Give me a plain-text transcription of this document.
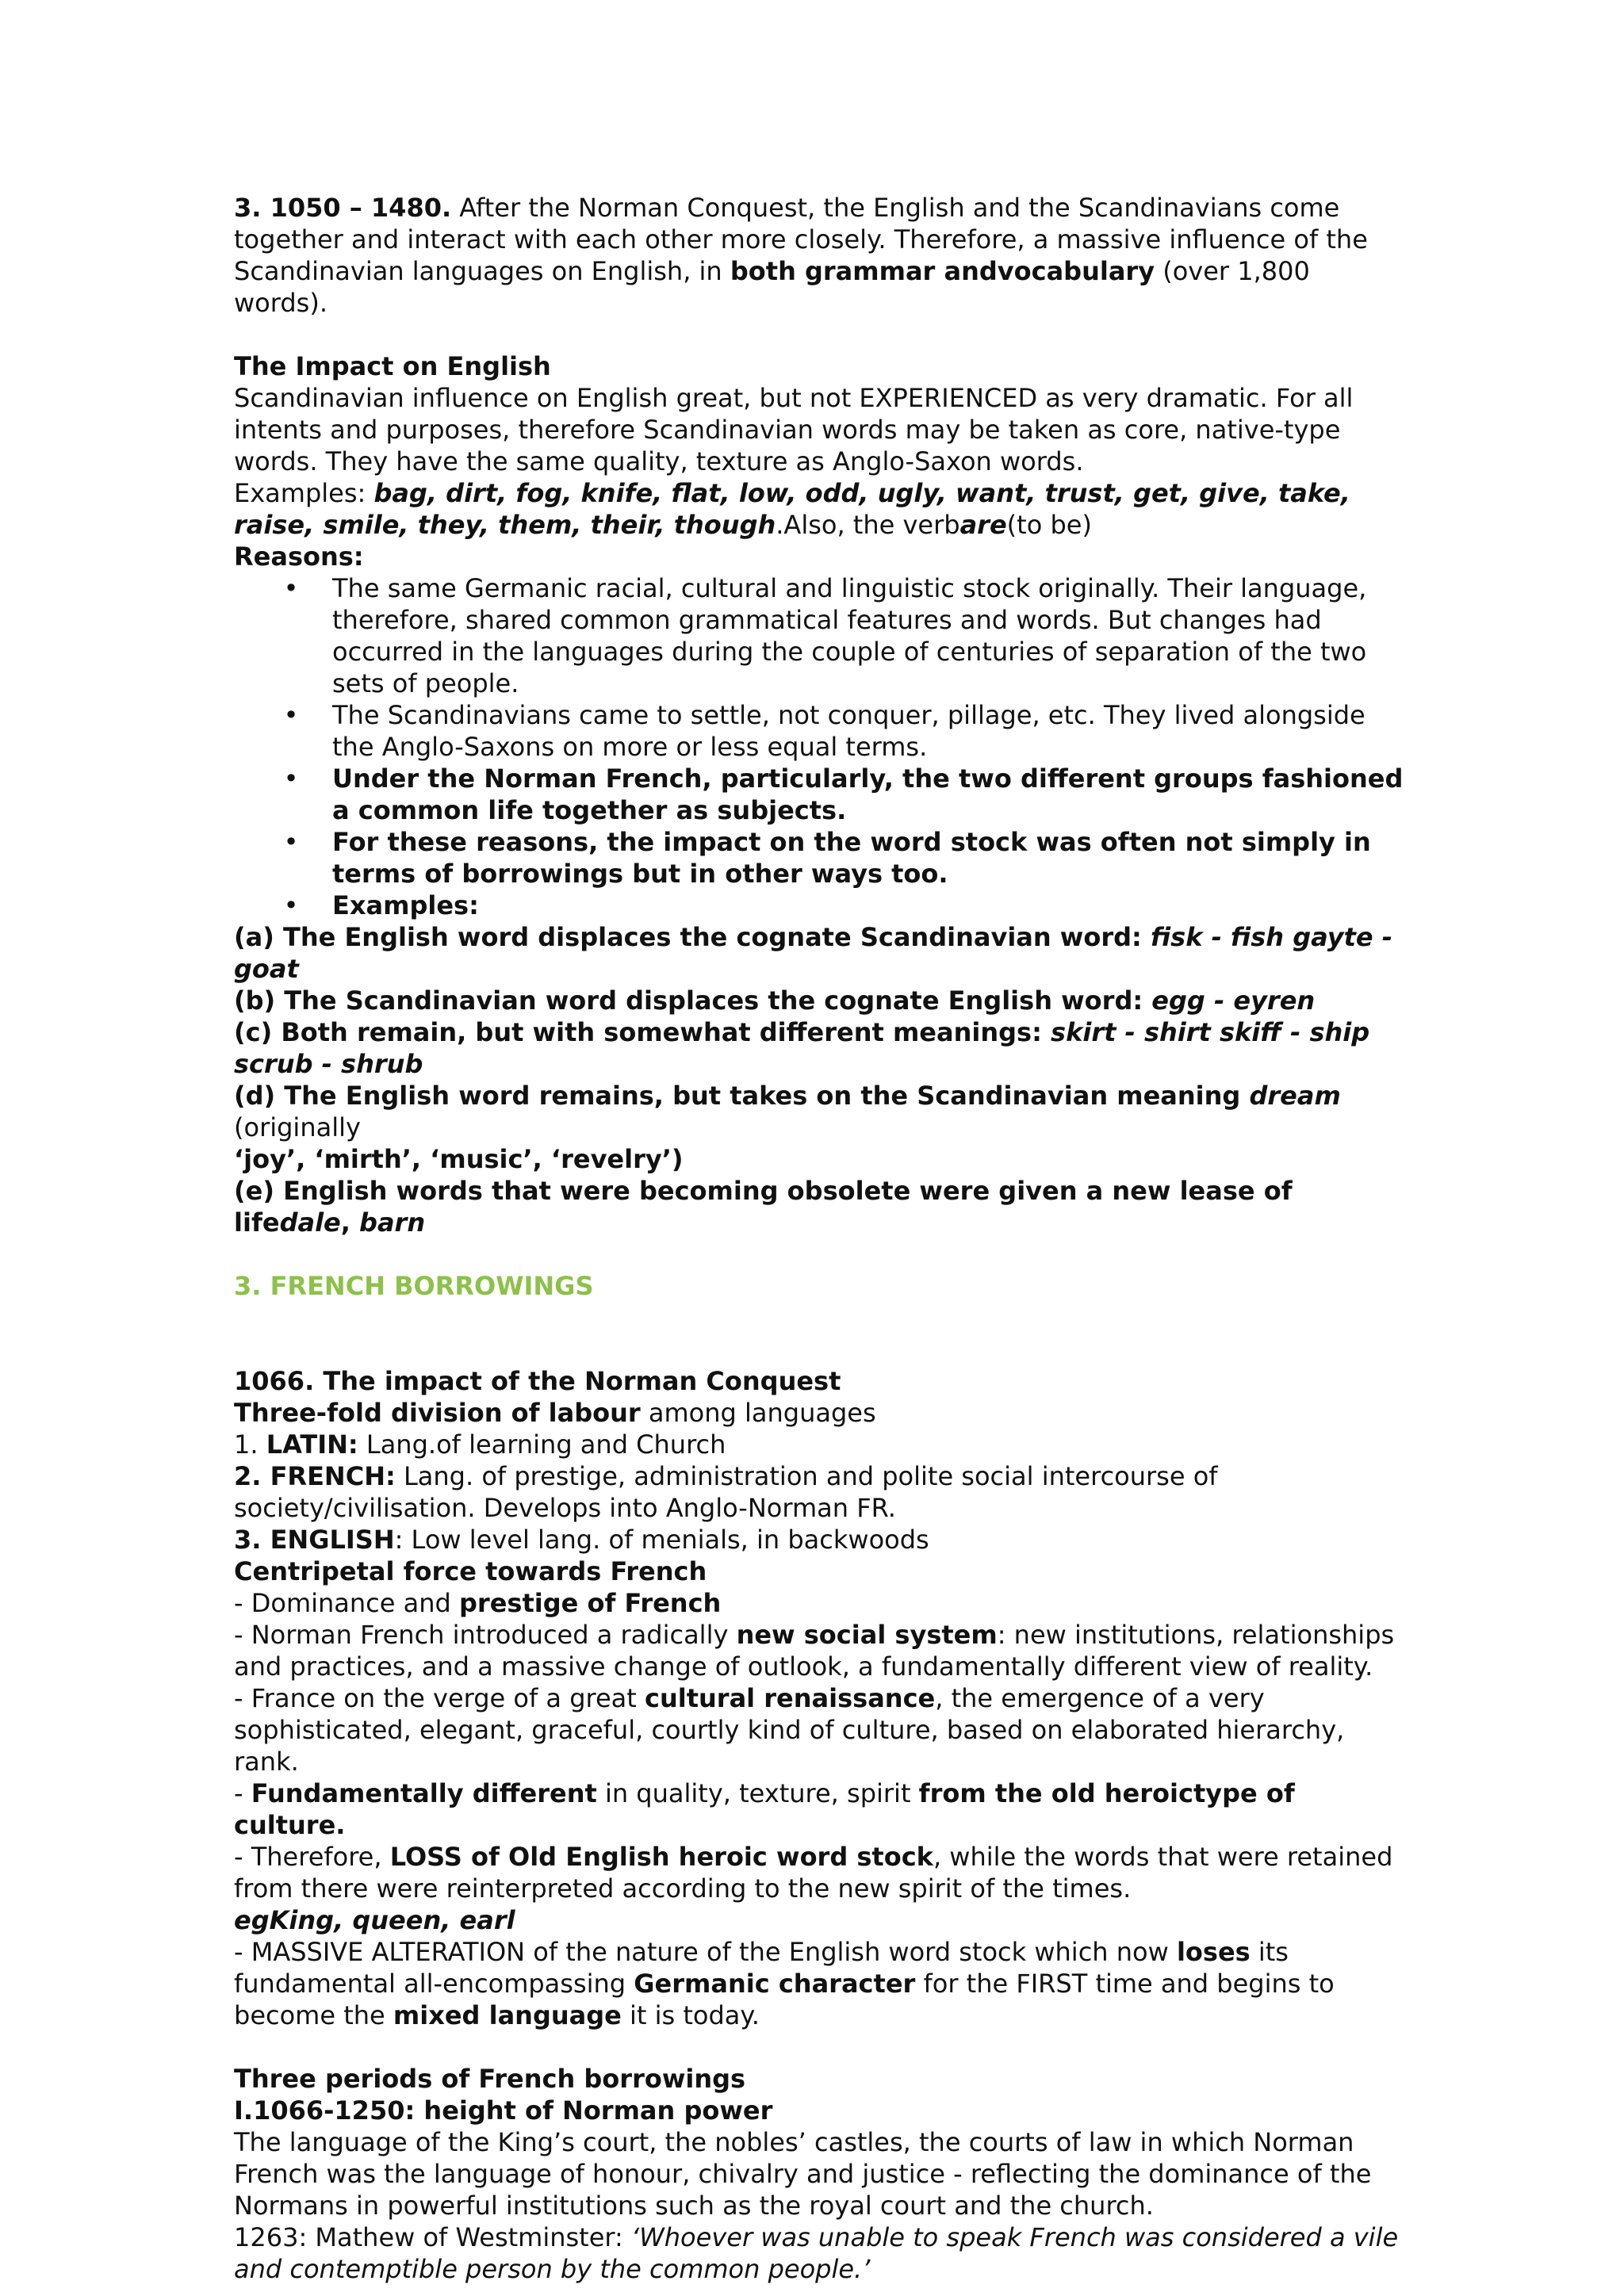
3. 1050 – 1480. After the Norman Conquest, the English and the Scandinavians come together and interact with each other more closely. Therefore, a massive influence of the Scandinavian languages on English, in both grammar andvocabulary (over 1,800 words).

The Impact on English

Scandinavian influence on English great, but not EXPERIENCED as very dramatic. For all intents and purposes, therefore Scandinavian words may be taken as core, native-type words. They have the same quality, texture as Anglo-Saxon words.

Examples: bag, dirt, fog, knife, flat, low, odd, ugly, want, trust, get, give, take, raise, smile, they, them, their, though.Also, the verbare(to be)

Reasons:

• The same Germanic racial, cultural and linguistic stock originally. Their language, therefore, shared common grammatical features and words. But changes had occurred in the languages during the couple of centuries of separation of the two sets of people.
• The Scandinavians came to settle, not conquer, pillage, etc. They lived alongside the Anglo-Saxons on more or less equal terms.
• Under the Norman French, particularly, the two different groups fashioned a common life together as subjects.
• For these reasons, the impact on the word stock was often not simply in terms of borrowings but in other ways too.
• Examples:

(a) The English word displaces the cognate Scandinavian word: fisk - fish gayte - goat

(b) The Scandinavian word displaces the cognate English word: egg - eyren

(c) Both remain, but with somewhat different meanings: skirt - shirt skiff - ship scrub - shrub

(d) The English word remains, but takes on the Scandinavian meaning dream (originally
‘joy’, ‘mirth’, ‘music’, ‘revelry’)

(e) English words that were becoming obsolete were given a new lease of lifedale, barn

3. FRENCH BORROWINGS

1066. The impact of the Norman Conquest

Three-fold division of labour among languages

1. LATIN: Lang.of learning and Church

2. FRENCH: Lang. of prestige, administration and polite social intercourse of society/civilisation. Develops into Anglo-Norman FR.

3. ENGLISH: Low level lang. of menials, in backwoods

Centripetal force towards French

- Dominance and prestige of French

- Norman French introduced a radically new social system: new institutions, relationships and practices, and a massive change of outlook, a fundamentally different view of reality.

- France on the verge of a great cultural renaissance, the emergence of a very sophisticated, elegant, graceful, courtly kind of culture, based on elaborated hierarchy, rank.

- Fundamentally different in quality, texture, spirit from the old heroictype of culture.

- Therefore, LOSS of Old English heroic word stock, while the words that were retained from there were reinterpreted according to the new spirit of the times.

egKing, queen, earl

- MASSIVE ALTERATION of the nature of the English word stock which now loses its fundamental all-encompassing Germanic character for the FIRST time and begins to become the mixed language it is today.

Three periods of French borrowings

I.1066-1250: height of Norman power

The language of the King’s court, the nobles’ castles, the courts of law in which Norman French was the language of honour, chivalry and justice - reflecting the dominance of the Normans in powerful institutions such as the royal court and the church.

1263: Mathew of Westminster: ‘Whoever was unable to speak French was considered a vile and contemptible person by the common people.’
